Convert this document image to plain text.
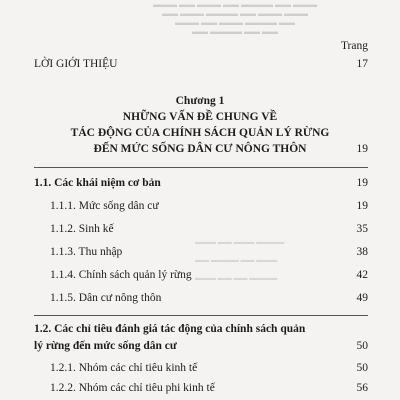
▬▬▬ ▬▬ ▬▬▬ ▬▬ ▬▬▬▬ ▬▬ ▬▬▬
▬▬ ▬▬▬ ▬▬▬▬ ▬▬ ▬▬▬ ▬▬▬
▬▬▬ ▬▬ ▬▬▬ ▬▬▬▬ ▬▬
▬▬ ▬▬▬▬ ▬▬ ▬▬
▬▬▬ ▬▬ ▬▬▬ ▬▬▬▬

▬▬ ▬▬▬▬ ▬▬ ▬▬▬

▬▬▬ ▬▬ ▬▬ ▬▬▬▬
Trang
LỜI GIỚI THIỆU	17
Chương 1
NHỮNG VẤN ĐỀ CHUNG VỀ
TÁC ĐỘNG CỦA CHÍNH SÁCH QUẢN LÝ RỪNG
ĐẾN MỨC SỐNG DÂN CƯ NÔNG THÔN	19
1.1. Các khái niệm cơ bản	19
1.1.1. Mức sống dân cư	19
1.1.2. Sinh kế	35
1.1.3. Thu nhập	38
1.1.4. Chính sách quản lý rừng	42
1.1.5. Dân cư nông thôn	49
1.2. Các chỉ tiêu đánh giá tác động của chính sách quản
lý rừng đến mức sống dân cư	50
1.2.1. Nhóm các chỉ tiêu kinh tế	50
1.2.2. Nhóm các chỉ tiêu phi kinh tế	56
